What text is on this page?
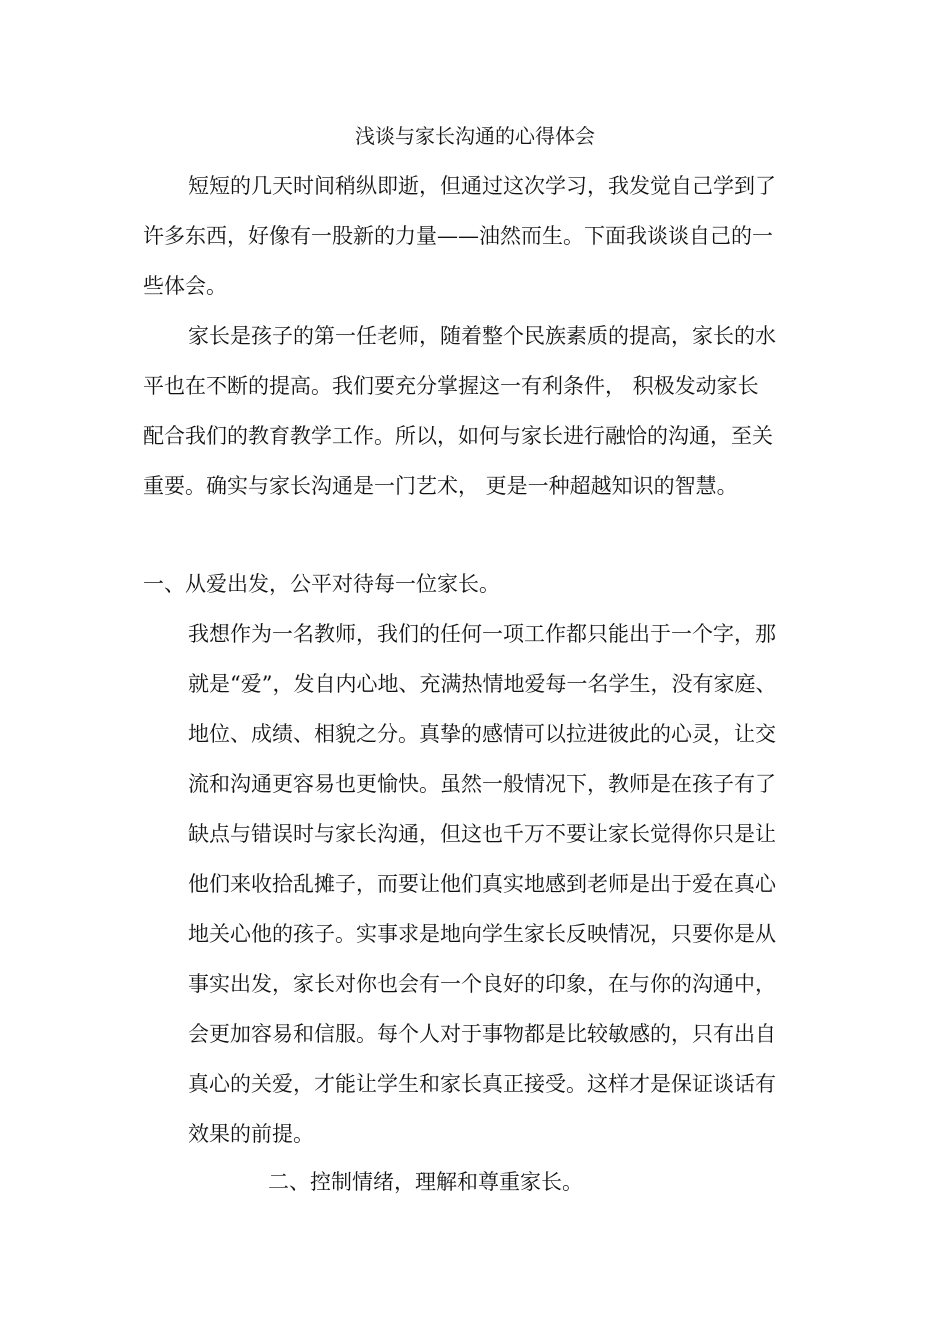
浅谈与家长沟通的心得体会
短短的几天时间稍纵即逝，但通过这次学习，我发觉自己学到了
许多东西，好像有一股新的力量——油然而生。下面我谈谈自己的一
些体会。
家长是孩子的第一任老师，随着整个民族素质的提高，家长的水
平也在不断的提高。我们要充分掌握这一有利条件， 积极发动家长
配合我们的教育教学工作。所以，如何与家长进行融恰的沟通，至关
重要。确实与家长沟通是一门艺术， 更是一种超越知识的智慧。
一、从爱出发，公平对待每一位家长。
我想作为一名教师，我们的任何一项工作都只能出于一个字，那
就是“爱”，发自内心地、充满热情地爱每一名学生，没有家庭、
地位、成绩、相貌之分。真挚的感情可以拉进彼此的心灵，让交
流和沟通更容易也更愉快。虽然一般情况下，教师是在孩子有了
缺点与错误时与家长沟通，但这也千万不要让家长觉得你只是让
他们来收拾乱摊子，而要让他们真实地感到老师是出于爱在真心
地关心他的孩子。实事求是地向学生家长反映情况，只要你是从
事实出发，家长对你也会有一个良好的印象，在与你的沟通中，
会更加容易和信服。每个人对于事物都是比较敏感的，只有出自
真心的关爱，才能让学生和家长真正接受。这样才是保证谈话有
效果的前提。
二、控制情绪，理解和尊重家长。
